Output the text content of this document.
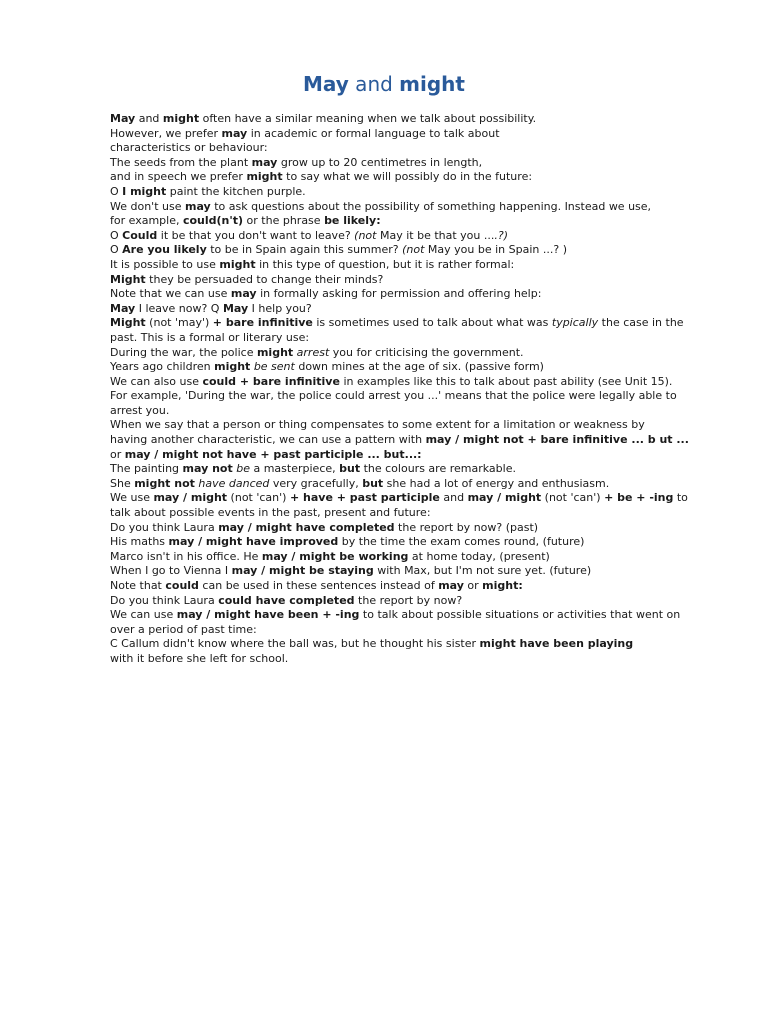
May and might
May and might often have a similar meaning when we talk about possibility.
However, we prefer may in academic or formal language to talk about
characteristics or behaviour:
The seeds from the plant may grow up to 20 centimetres in length,
and in speech we prefer might to say what we will possibly do in the future:
O I might paint the kitchen purple.
We don't use may to ask questions about the possibility of something happening. Instead we use,
for example, could(n't) or the phrase be likely:
O Could it be that you don't want to leave? (not May it be that you ....?)
O Are you likely to be in Spain again this summer? (not May you be in Spain ...? )
It is possible to use might in this type of question, but it is rather formal:
Might they be persuaded to change their minds?
Note that we can use may in formally asking for permission and offering help:
May I leave now? Q May I help you?
Might (not 'may') + bare infinitive is sometimes used to talk about what was typically the case in the
past. This is a formal or literary use:
During the war, the police might arrest you for criticising the government.
Years ago children might be sent down mines at the age of six. (passive form)
We can also use could + bare infinitive in examples like this to talk about past ability (see Unit 15).
For example, 'During the war, the police could arrest you ...' means that the police were legally able to
arrest you.
When we say that a person or thing compensates to some extent for a limitation or weakness by
having another characteristic, we can use a pattern with may / might not + bare infinitive ... b ut ...
or may / might not have + past participle ... but...:
The painting may not be a masterpiece, but the colours are remarkable.
She might not have danced very gracefully, but she had a lot of energy and enthusiasm.
We use may / might (not 'can') + have + past participle and may / might (not 'can') + be + -ing to
talk about possible events in the past, present and future:
Do you think Laura may / might have completed the report by now? (past)
His maths may / might have improved by the time the exam comes round, (future)
Marco isn't in his office. He may / might be working at home today, (present)
When I go to Vienna I may / might be staying with Max, but I'm not sure yet. (future)
Note that could can be used in these sentences instead of may or might:
Do you think Laura could have completed the report by now?
We can use may / might have been + -ing to talk about possible situations or activities that went on
over a period of past time:
C Callum didn't know where the ball was, but he thought his sister might have been playing
with it before she left for school.
